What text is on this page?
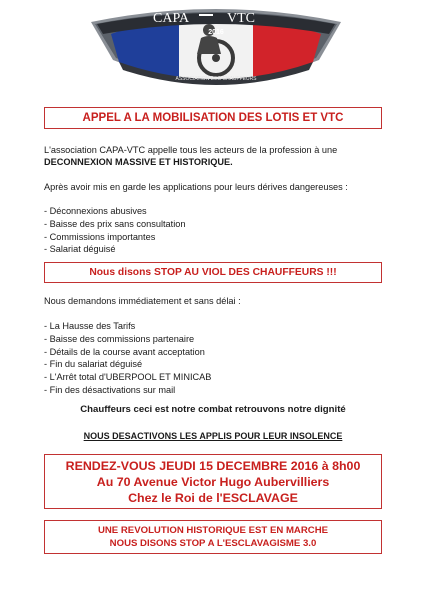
CAPA	VTC
2016
ASSOCIATION DES CHAUFFEURS
APPEL A LA MOBILISATION DES LOTIS ET VTC
L'association CAPA-VTC appelle tous les acteurs de la profession à une
DECONNEXION MASSIVE ET HISTORIQUE.
Après avoir mis en garde les applications pour leurs dérives dangereuses :
- Déconnexions abusives
- Baisse des prix sans consultation
- Commissions importantes
- Salariat déguisé
Nous disons STOP AU VIOL DES CHAUFFEURS !!!
Nous demandons immédiatement et sans délai :
- La Hausse des Tarifs
- Baisse des commissions partenaire
- Détails de la course avant acceptation
- Fin du salariat déguisé
- L'Arrêt total d'UBERPOOL ET MINICAB
- Fin des désactivations sur mail
Chauffeurs ceci est notre combat retrouvons notre dignité
NOUS DESACTIVONS LES APPLIS POUR LEUR INSOLENCE
RENDEZ-VOUS JEUDI 15 DECEMBRE 2016 à 8h00
Au 70 Avenue Victor Hugo Aubervilliers
Chez le Roi de l'ESCLAVAGE
UNE REVOLUTION HISTORIQUE EST EN MARCHE
NOUS DISONS STOP A L'ESCLAVAGISME 3.0
